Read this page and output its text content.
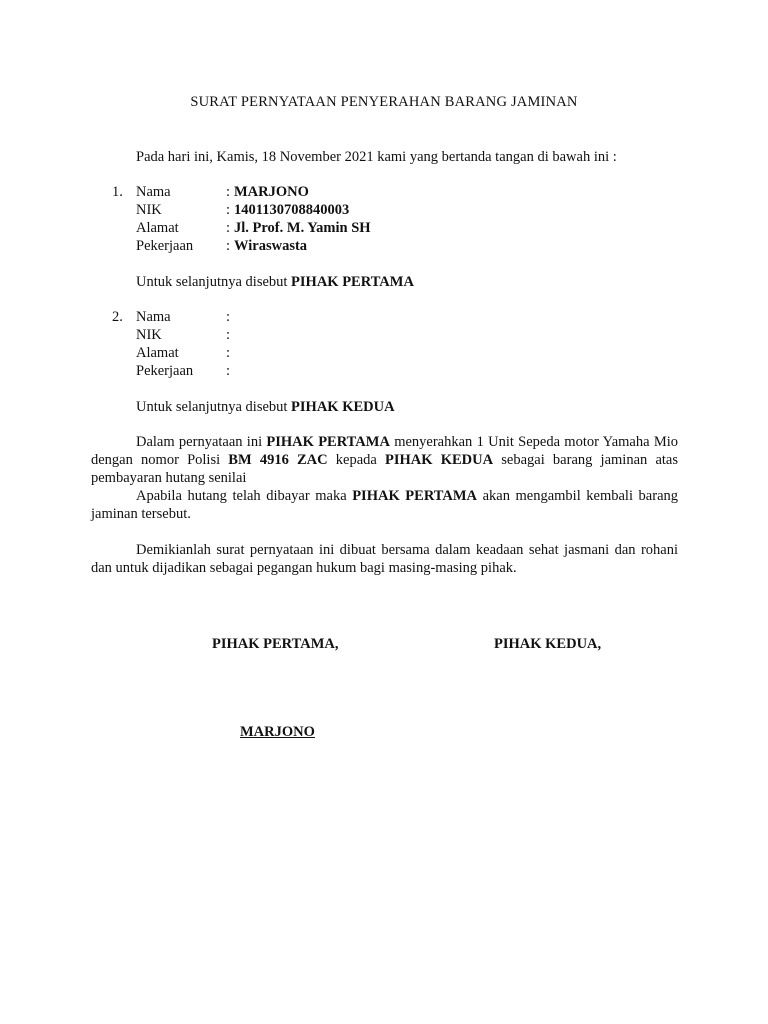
SURAT PERNYATAAN PENYERAHAN BARANG JAMINAN
Pada hari ini, Kamis, 18 November 2021 kami yang bertanda tangan di bawah ini :
1. Nama	: MARJONO
NIK	: 1401130708840003
Alamat	: Jl. Prof. M. Yamin SH
Pekerjaan	: Wiraswasta
Untuk selanjutnya disebut PIHAK PERTAMA
2. Nama	:
NIK	:
Alamat	:
Pekerjaan	:
Untuk selanjutnya disebut PIHAK KEDUA

Dalam pernyataan ini PIHAK PERTAMA menyerahkan 1 Unit Sepeda motor Yamaha Mio dengan nomor Polisi BM 4916 ZAC kepada PIHAK KEDUA sebagai barang jaminan atas pembayaran hutang senilai

Apabila hutang telah dibayar maka PIHAK PERTAMA akan mengambil kembali barang jaminan tersebut.

Demikianlah surat pernyataan ini dibuat bersama dalam keadaan sehat jasmani dan rohani dan untuk dijadikan sebagai pegangan hukum bagi masing-masing pihak.

PIHAK PERTAMA,	PIHAK KEDUA,
MARJONO
